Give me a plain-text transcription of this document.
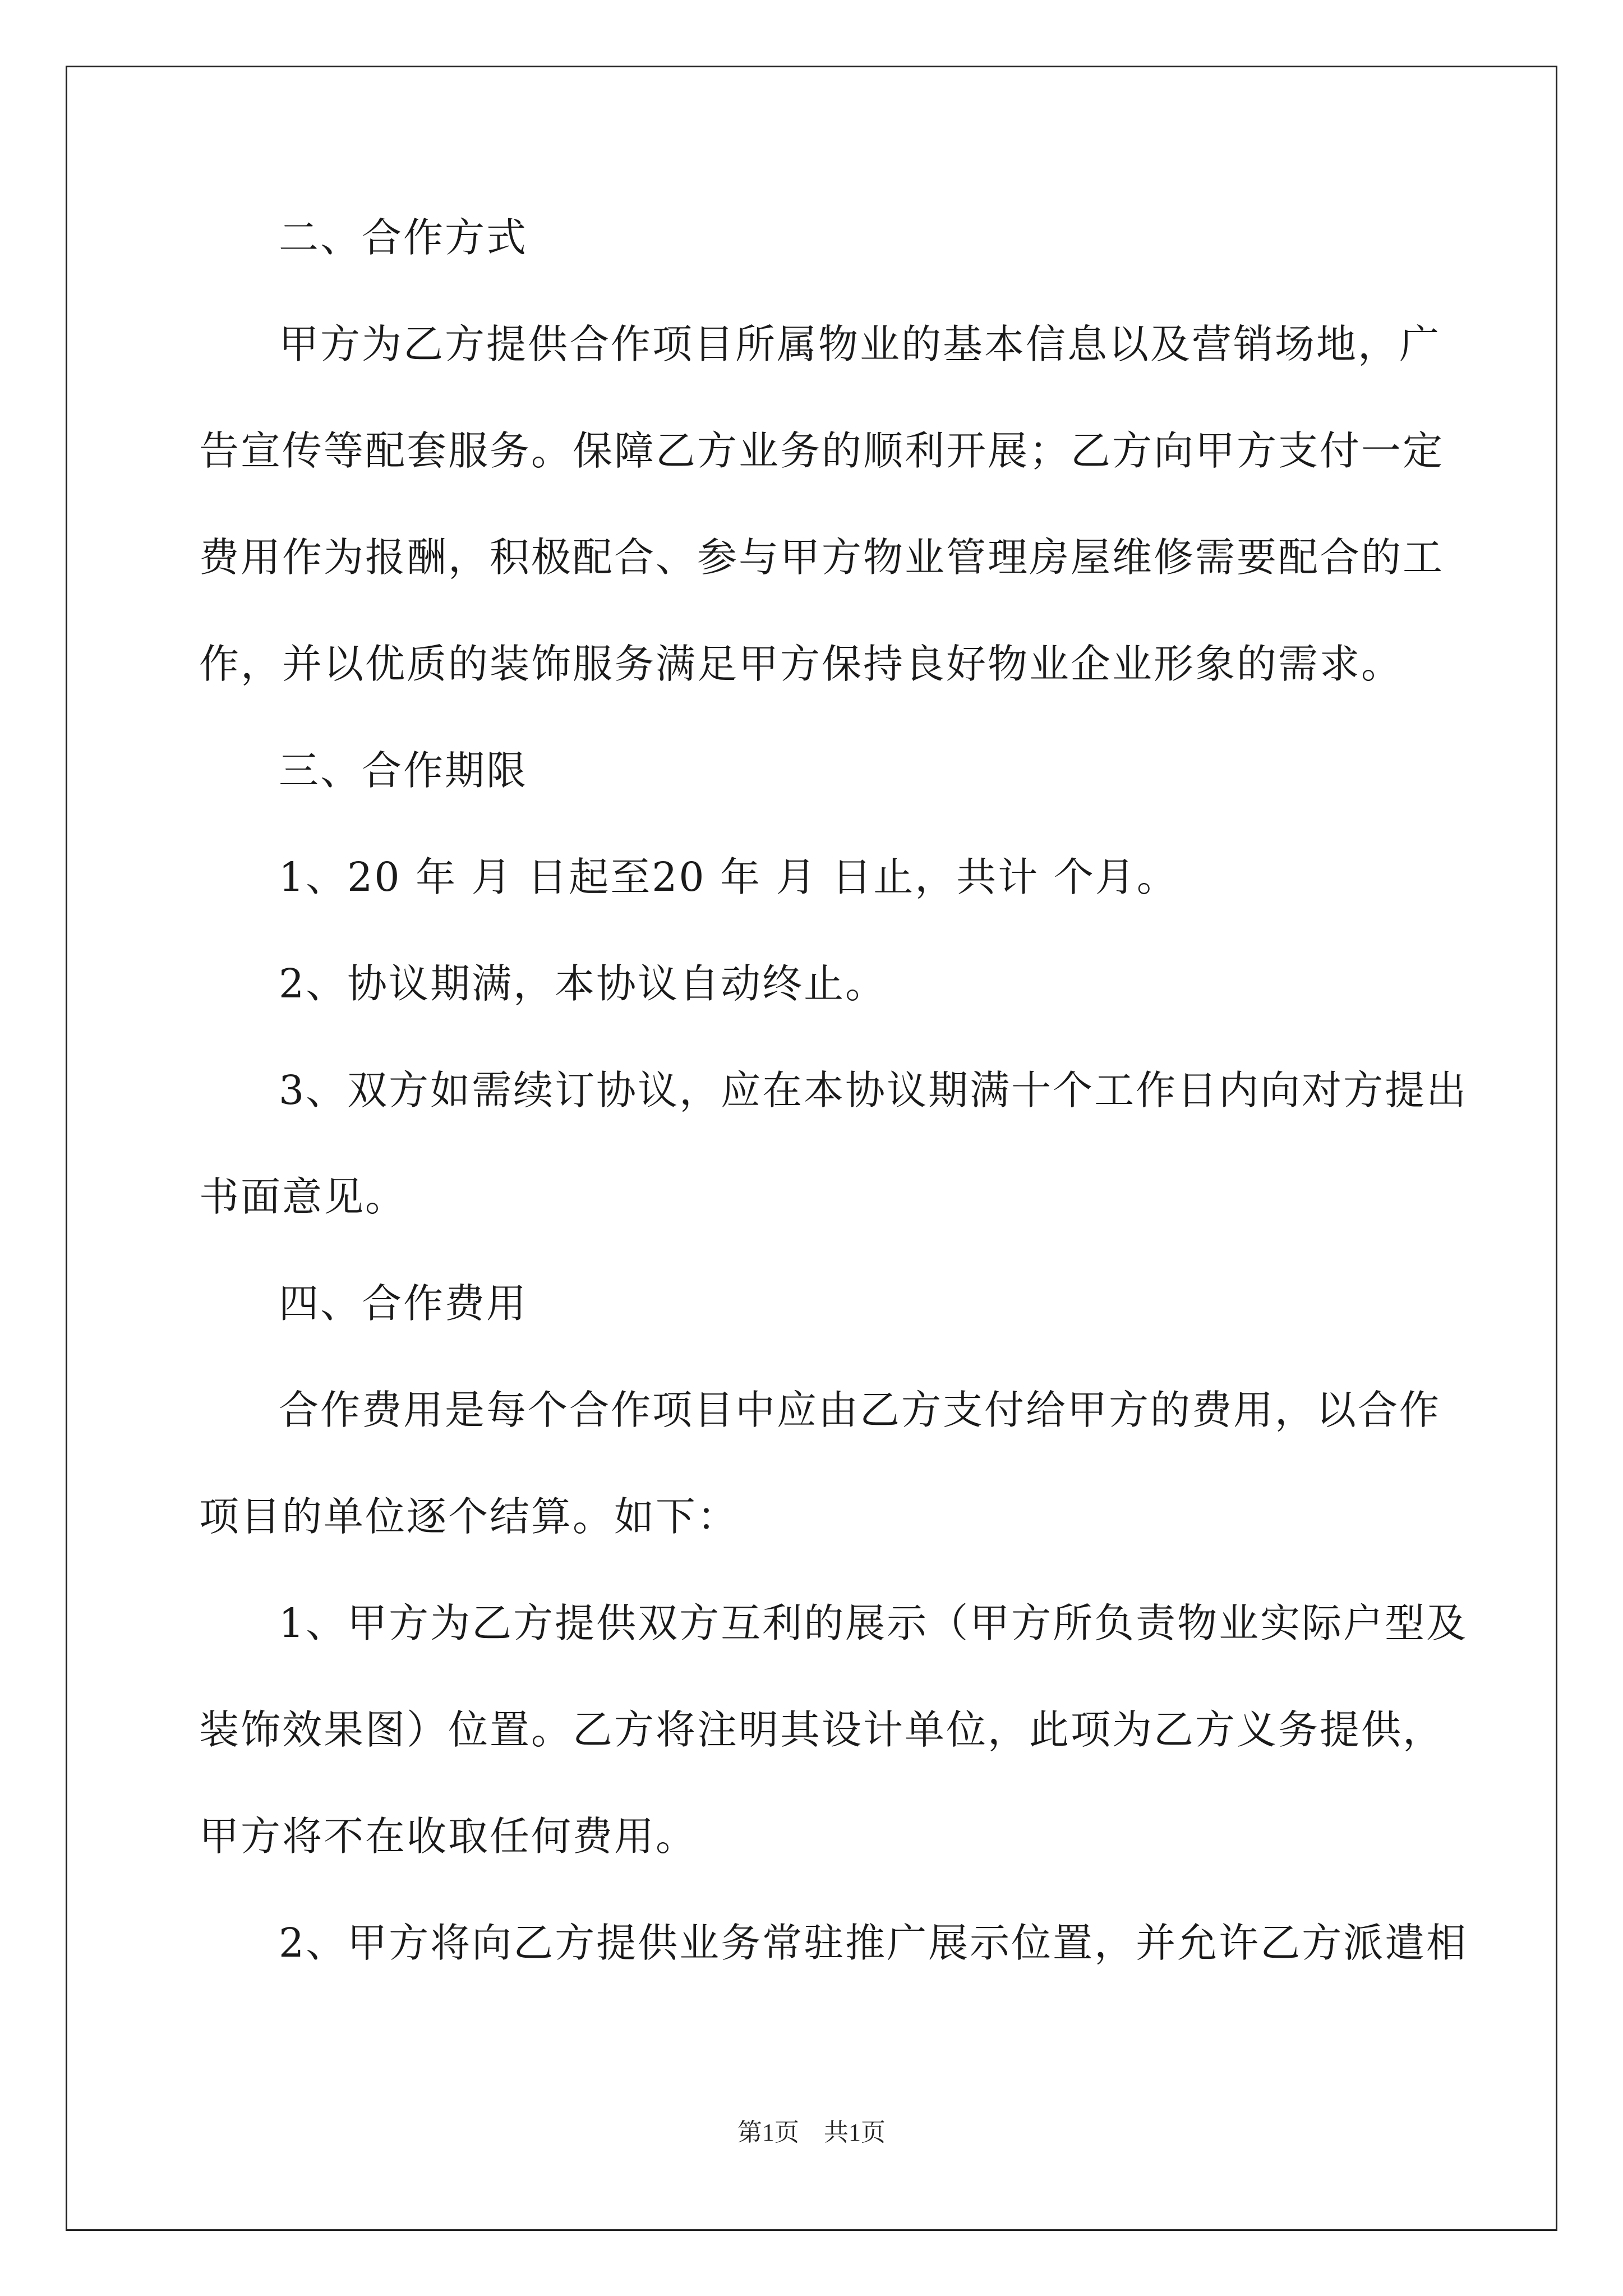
二、合作方式

甲方为乙方提供合作项目所属物业的基本信息以及营销场地，广

告宣传等配套服务。保障乙方业务的顺利开展；乙方向甲方支付一定

费用作为报酬，积极配合、参与甲方物业管理房屋维修需要配合的工

作，并以优质的装饰服务满足甲方保持良好物业企业形象的需求。

三、合作期限

1、20 年 月 日起至20 年 月 日止，共计 个月。

2、协议期满，本协议自动终止。

3、双方如需续订协议，应在本协议期满十个工作日内向对方提出

书面意见。

四、合作费用

合作费用是每个合作项目中应由乙方支付给甲方的费用，以合作

项目的单位逐个结算。如下：

1、甲方为乙方提供双方互利的展示（甲方所负责物业实际户型及

装饰效果图）位置。乙方将注明其设计单位，此项为乙方义务提供，

甲方将不在收取任何费用。

2、甲方将向乙方提供业务常驻推广展示位置，并允许乙方派遣相

第1页　共1页
